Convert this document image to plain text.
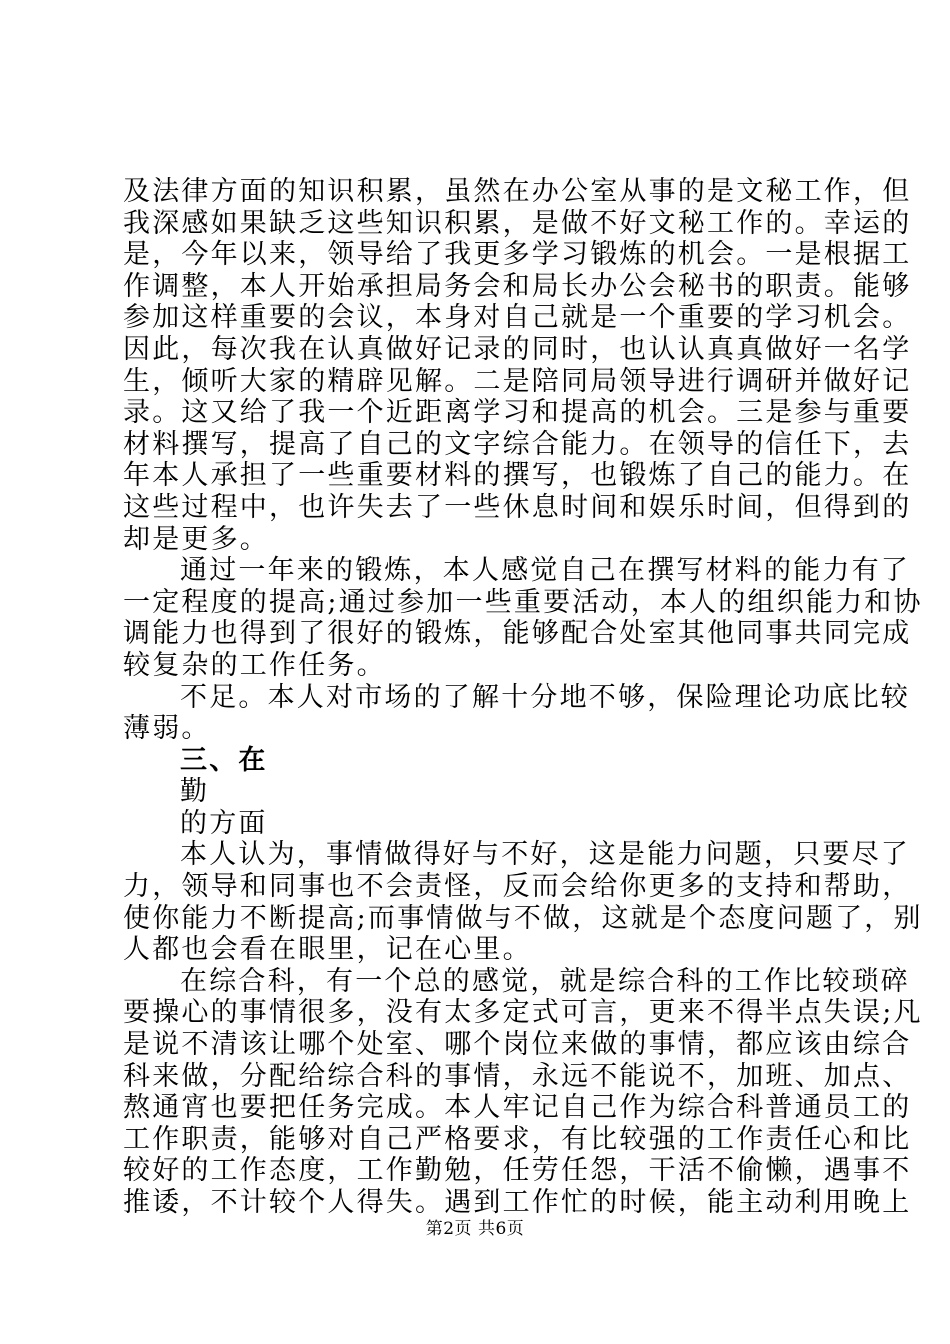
及法律方面的知识积累，虽然在办公室从事的是文秘工作，但
我深感如果缺乏这些知识积累，是做不好文秘工作的。幸运的
是，今年以来，领导给了我更多学习锻炼的机会。一是根据工
作调整，本人开始承担局务会和局长办公会秘书的职责。能够
参加这样重要的会议，本身对自己就是一个重要的学习机会。
因此，每次我在认真做好记录的同时，也认认真真做好一名学
生，倾听大家的精辟见解。二是陪同局领导进行调研并做好记
录。这又给了我一个近距离学习和提高的机会。三是参与重要
材料撰写，提高了自己的文字综合能力。在领导的信任下，去
年本人承担了一些重要材料的撰写，也锻炼了自己的能力。在
这些过程中，也许失去了一些休息时间和娱乐时间，但得到的
却是更多。
通过一年来的锻炼，本人感觉自己在撰写材料的能力有了
一定程度的提高;通过参加一些重要活动，本人的组织能力和协
调能力也得到了很好的锻炼，能够配合处室其他同事共同完成
较复杂的工作任务。
不足。本人对市场的了解十分地不够，保险理论功底比较
薄弱。
三、在
勤
的方面
本人认为，事情做得好与不好，这是能力问题，只要尽了
力，领导和同事也不会责怪，反而会给你更多的支持和帮助，
使你能力不断提高;而事情做与不做，这就是个态度问题了，别
人都也会看在眼里，记在心里。
在综合科，有一个总的感觉，就是综合科的工作比较琐碎
要操心的事情很多，没有太多定式可言，更来不得半点失误;凡
是说不清该让哪个处室、哪个岗位来做的事情，都应该由综合
科来做，分配给综合科的事情，永远不能说不，加班、加点、
熬通宵也要把任务完成。本人牢记自己作为综合科普通员工的
工作职责，能够对自己严格要求，有比较强的工作责任心和比
较好的工作态度，工作勤勉，任劳任怨，干活不偷懒，遇事不
推诿，不计较个人得失。遇到工作忙的时候，能主动利用晚上
第2页 共6页
